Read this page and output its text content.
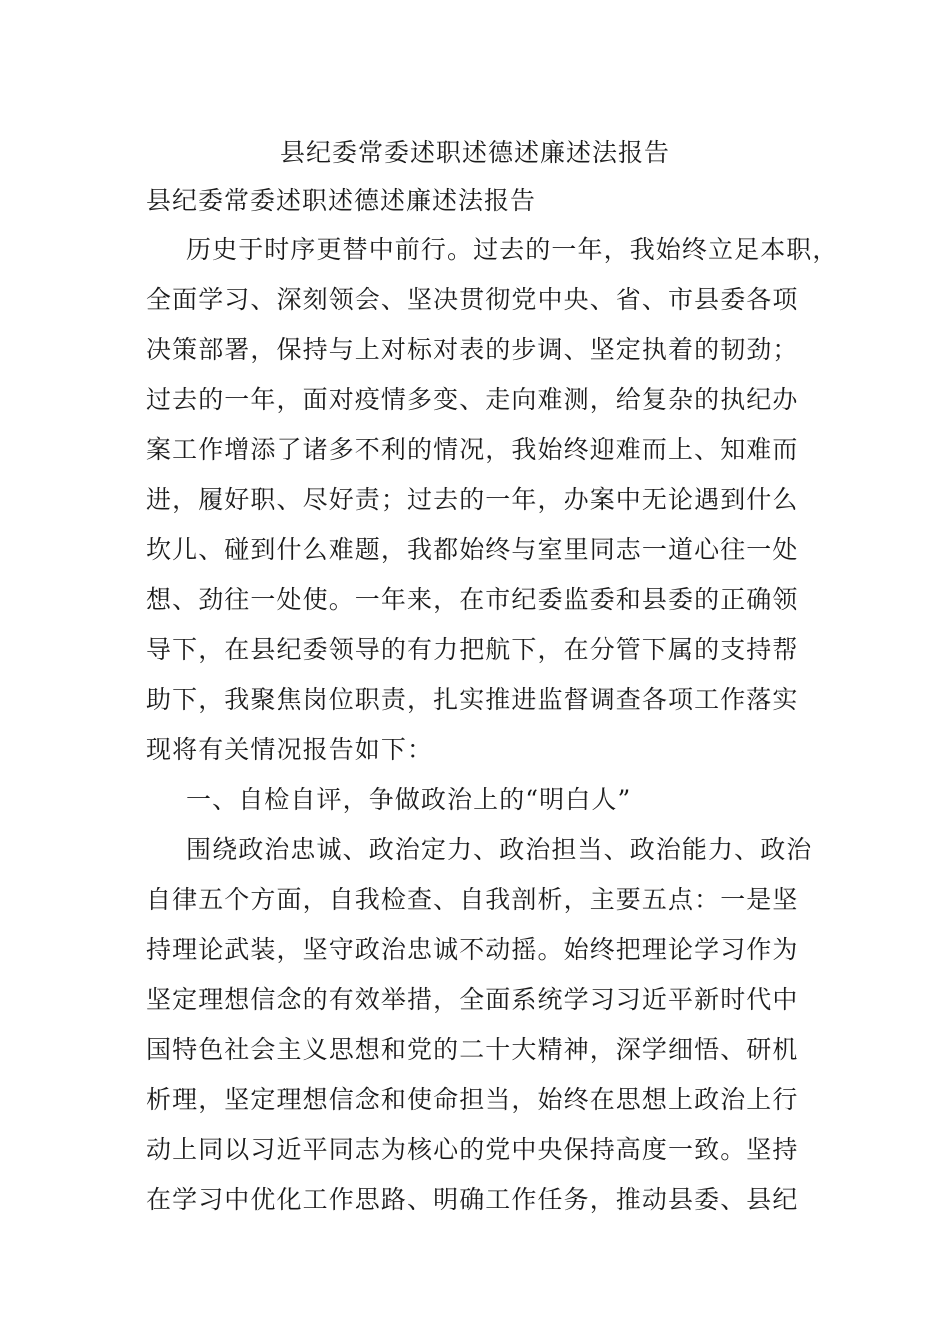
县纪委常委述职述德述廉述法报告
县纪委常委述职述德述廉述法报告
历史于时序更替中前行。过去的一年，我始终立足本职，
全面学习、深刻领会、坚决贯彻党中央、省、市县委各项
决策部署，保持与上对标对表的步调、坚定执着的韧劲；
过去的一年，面对疫情多变、走向难测，给复杂的执纪办
案工作增添了诸多不利的情况，我始终迎难而上、知难而
进，履好职、尽好责；过去的一年，办案中无论遇到什么
坎儿、碰到什么难题，我都始终与室里同志一道心往一处
想、劲往一处使。一年来，在市纪委监委和县委的正确领
导下，在县纪委领导的有力把航下，在分管下属的支持帮
助下，我聚焦岗位职责，扎实推进监督调查各项工作落实
现将有关情况报告如下：
一、自检自评，争做政治上的“明白人”
围绕政治忠诚、政治定力、政治担当、政治能力、政治
自律五个方面，自我检查、自我剖析，主要五点：一是坚
持理论武装，坚守政治忠诚不动摇。始终把理论学习作为
坚定理想信念的有效举措，全面系统学习习近平新时代中
国特色社会主义思想和党的二十大精神，深学细悟、研机
析理，坚定理想信念和使命担当，始终在思想上政治上行
动上同以习近平同志为核心的党中央保持高度一致。坚持
在学习中优化工作思路、明确工作任务，推动县委、县纪
